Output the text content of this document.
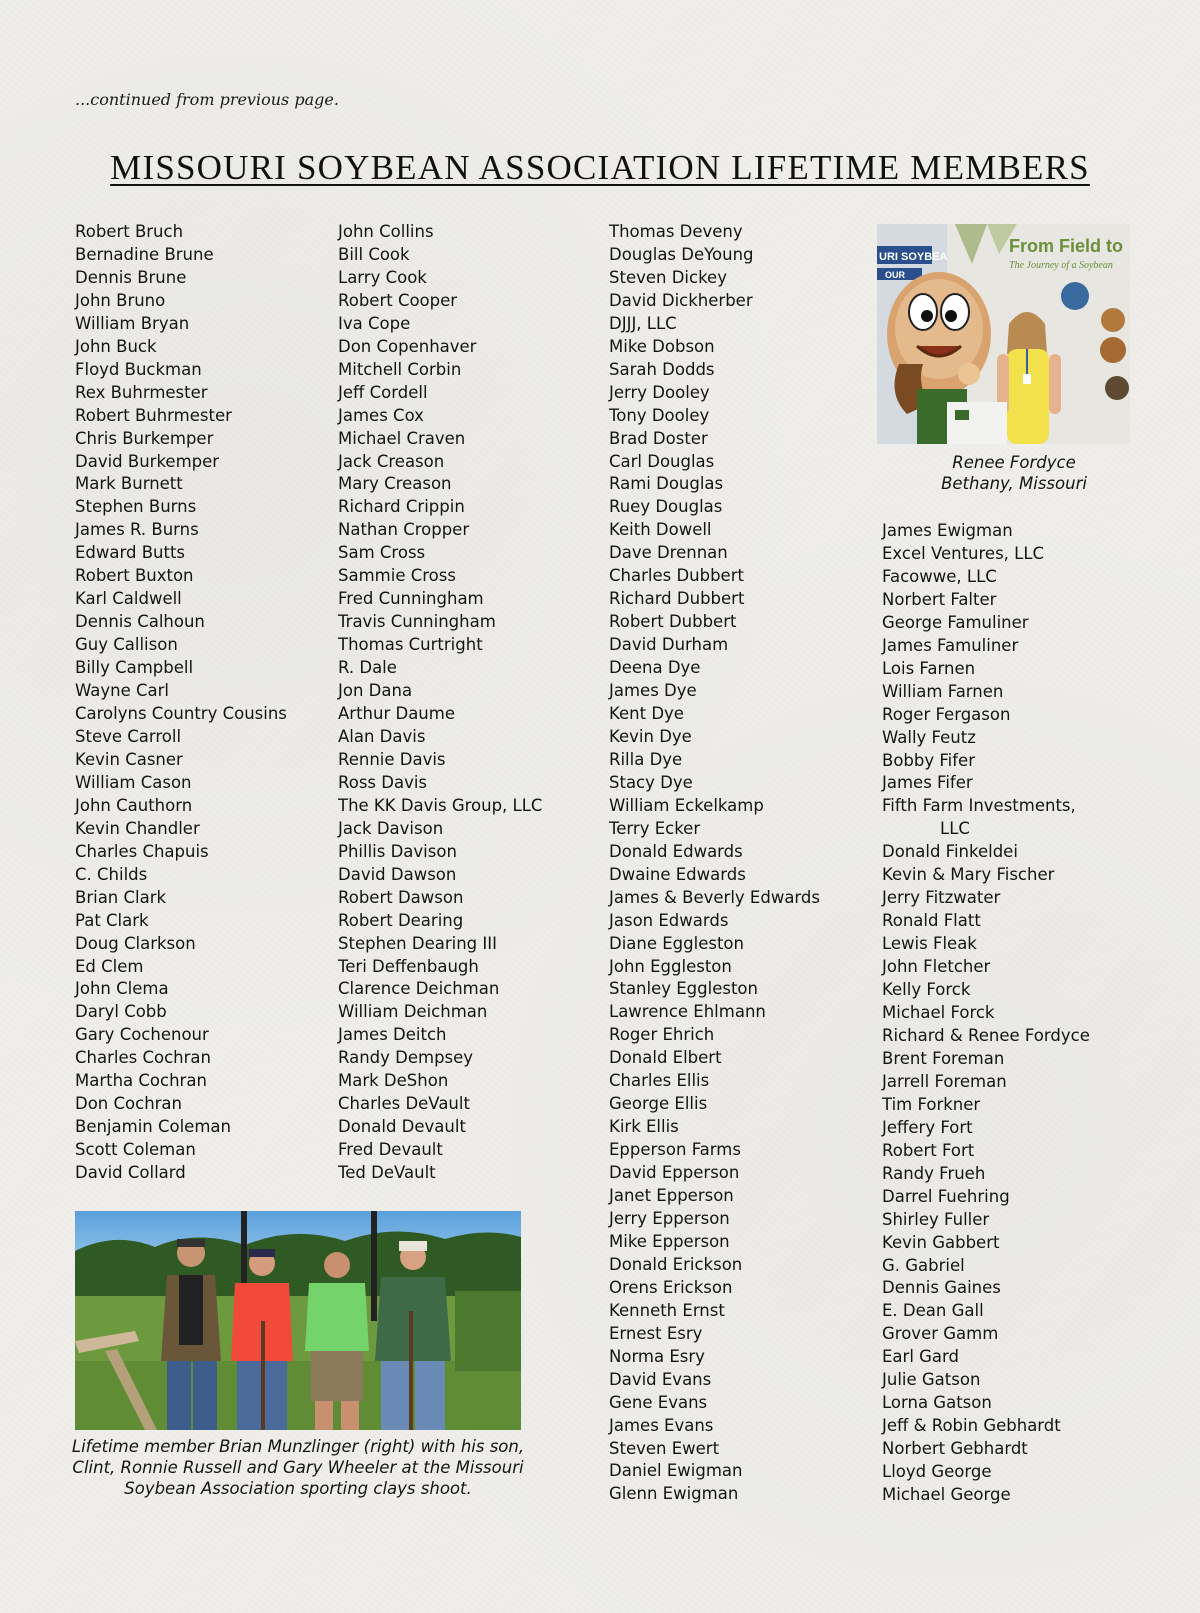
...continued from previous page.
MISSOURI SOYBEAN ASSOCIATION LIFETIME MEMBERS
Robert Bruch
Bernadine Brune
Dennis Brune
John Bruno
William Bryan
John Buck
Floyd Buckman
Rex Buhrmester
Robert Buhrmester
Chris Burkemper
David Burkemper
Mark Burnett
Stephen Burns
James R. Burns
Edward Butts
Robert Buxton
Karl Caldwell
Dennis Calhoun
Guy Callison
Billy Campbell
Wayne Carl
Carolyns Country Cousins
Steve Carroll
Kevin Casner
William Cason
John Cauthorn
Kevin Chandler
Charles Chapuis
C. Childs
Brian Clark
Pat Clark
Doug Clarkson
Ed Clem
John Clema
Daryl Cobb
Gary Cochenour
Charles Cochran
Martha Cochran
Don Cochran
Benjamin Coleman
Scott Coleman
David Collard
John Collins
Bill Cook
Larry Cook
Robert Cooper
Iva Cope
Don Copenhaver
Mitchell Corbin
Jeff Cordell
James Cox
Michael Craven
Jack Creason
Mary Creason
Richard Crippin
Nathan Cropper
Sam Cross
Sammie Cross
Fred Cunningham
Travis Cunningham
Thomas Curtright
R. Dale
Jon Dana
Arthur Daume
Alan Davis
Rennie Davis
Ross Davis
The KK Davis Group, LLC
Jack Davison
Phillis Davison
David Dawson
Robert Dawson
Robert Dearing
Stephen Dearing III
Teri Deffenbaugh
Clarence Deichman
William Deichman
James Deitch
Randy Dempsey
Mark DeShon
Charles DeVault
Donald Devault
Fred Devault
Ted DeVault
Thomas Deveny
Douglas DeYoung
Steven Dickey
David Dickherber
DJJJ, LLC
Mike Dobson
Sarah Dodds
Jerry Dooley
Tony Dooley
Brad Doster
Carl Douglas
Rami Douglas
Ruey Douglas
Keith Dowell
Dave Drennan
Charles Dubbert
Richard Dubbert
Robert Dubbert
David Durham
Deena Dye
James Dye
Kent Dye
Kevin Dye
Rilla Dye
Stacy Dye
William Eckelkamp
Terry Ecker
Donald Edwards
Dwaine Edwards
James & Beverly Edwards
Jason Edwards
Diane Eggleston
John Eggleston
Stanley Eggleston
Lawrence Ehlmann
Roger Ehrich
Donald Elbert
Charles Ellis
George Ellis
Kirk Ellis
Epperson Farms
David Epperson
Janet Epperson
Jerry Epperson
Mike Epperson
Donald Erickson
Orens Erickson
Kenneth Ernst
Ernest Esry
Norma Esry
David Evans
Gene Evans
James Evans
Steven Ewert
Daniel Ewigman
Glenn Ewigman
James Ewigman
Excel Ventures, LLC
Facowwe, LLC
Norbert Falter
George Famuliner
James Famuliner
Lois Farnen
William Farnen
Roger Fergason
Wally Feutz
Bobby Fifer
James Fifer
Fifth Farm Investments,
LLC
Donald Finkeldei
Kevin & Mary Fischer
Jerry Fitzwater
Ronald Flatt
Lewis Fleak
John Fletcher
Kelly Forck
Michael Forck
Richard & Renee Fordyce
Brent Foreman
Jarrell Foreman
Tim Forkner
Jeffery Fort
Robert Fort
Randy Frueh
Darrel Fuehring
Shirley Fuller
Kevin Gabbert
G. Gabriel
Dennis Gaines
E. Dean Gall
Grover Gamm
Earl Gard
Julie Gatson
Lorna Gatson
Jeff & Robin Gebhardt
Norbert Gebhardt
Lloyd George
Michael George
URI SOYBEA
OUR
From Field to
The Journey of a Soybean

Renee Fordyce
Bethany, Missouri

Lifetime member Brian Munzlinger (right) with his son, Clint, Ronnie Russell and Gary Wheeler at the Missouri Soybean Association sporting clays shoot.
